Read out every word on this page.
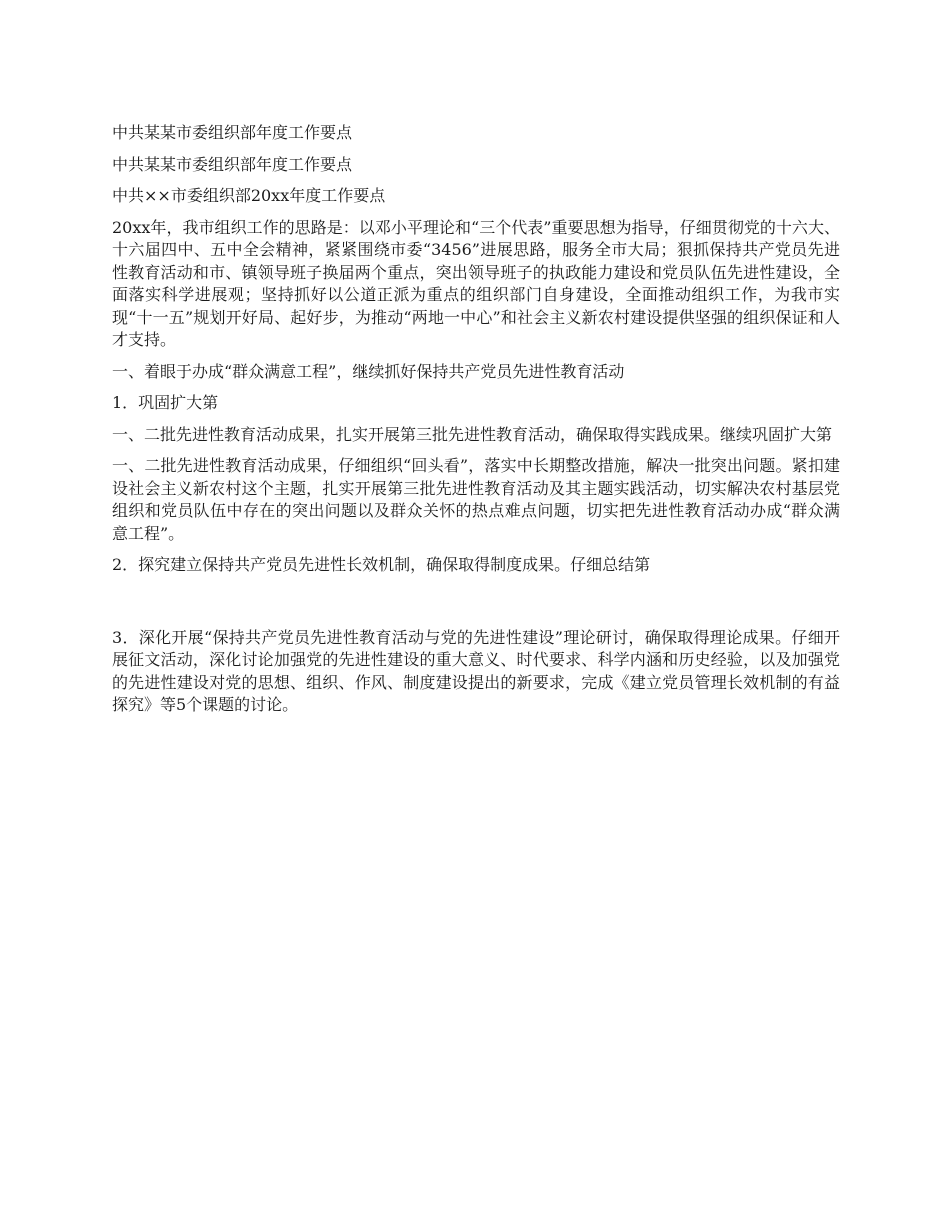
中共某某市委组织部年度工作要点

中共某某市委组织部年度工作要点

中共××市委组织部20xx年度工作要点

20xx年，我市组织工作的思路是：以邓小平理论和“三个代表”重要思想为指导，仔细贯彻党的十六大、十六届四中、五中全会精神，紧紧围绕市委“3456”进展思路，服务全市大局；狠抓保持共产党员先进性教育活动和市、镇领导班子换届两个重点，突出领导班子的执政能力建设和党员队伍先进性建设，全面落实科学进展观；坚持抓好以公道正派为重点的组织部门自身建设，全面推动组织工作，为我市实现“十一五”规划开好局、起好步，为推动“两地一中心”和社会主义新农村建设提供坚强的组织保证和人才支持。

一、着眼于办成“群众满意工程”，继续抓好保持共产党员先进性教育活动

1．巩固扩大第

一、二批先进性教育活动成果，扎实开展第三批先进性教育活动，确保取得实践成果。继续巩固扩大第

一、二批先进性教育活动成果，仔细组织“回头看”，落实中长期整改措施，解决一批突出问题。紧扣建设社会主义新农村这个主题，扎实开展第三批先进性教育活动及其主题实践活动，切实解决农村基层党组织和党员队伍中存在的突出问题以及群众关怀的热点难点问题，切实把先进性教育活动办成“群众满意工程”。

2．探究建立保持共产党员先进性长效机制，确保取得制度成果。仔细总结第

3．深化开展“保持共产党员先进性教育活动与党的先进性建设”理论研讨，确保取得理论成果。仔细开展征文活动，深化讨论加强党的先进性建设的重大意义、时代要求、科学内涵和历史经验，以及加强党的先进性建设对党的思想、组织、作风、制度建设提出的新要求，完成《建立党员管理长效机制的有益探究》等5个课题的讨论。
